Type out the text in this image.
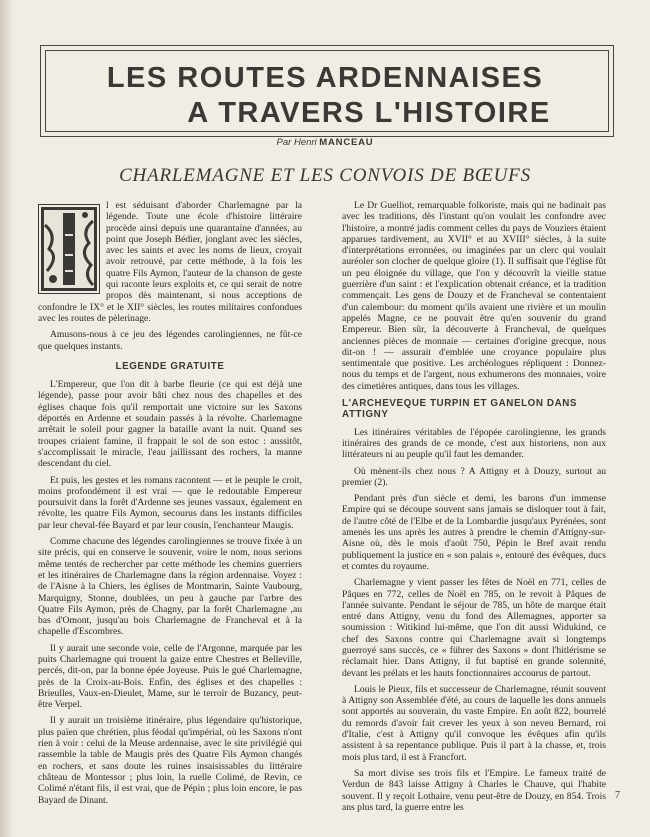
LES ROUTES ARDENNAISES
A TRAVERS L'HISTOIRE
Par Henri MANCEAU
CHARLEMAGNE ET LES CONVOIS DE BŒUFS

l est séduisant d'aborder Charlemagne par la légende. Toute une école d'histoire littéraire procède ainsi depuis une quarantaine d'années, au point que Joseph Bédier, jonglant avec les siècles, avec les saints et avec les noms de lieux, croyait avoir retrouvé, par cette méthode, à la fois les quatre Fils Aymon, l'auteur de la chanson de geste qui raconte leurs exploits et, ce qui serait de notre propos dès maintenant, si nous acceptions de confondre le IX° et le XII° siècles, les routes militaires confondues avec les routes de pèlerinage.

Amusons-nous à ce jeu des légendes carolingiennes, ne fût-ce que quelques instants.

LEGENDE GRATUITE

L'Empereur, que l'on dit à barbe fleurie (ce qui est déjà une légende), passe pour avoir bâti chez nous des chapelles et des églises chaque fois qu'il remportait une victoire sur les Saxons déportés en Ardenne et soudain passés à la révolte. Charlemagne arrêtait le soleil pour gagner la bataille avant la nuit. Quand ses troupes criaient famine, il frappait le sol de son estoc : aussitôt, s'accomplissait le miracle, l'eau jaillissant des rochers, la manne descendant du ciel.

Et puis, les gestes et les romans racontent — et le peuple le croit, moins profondément il est vrai — que le redoutable Empereur poursuivit dans la forêt d'Ardenne ses jeunes vassaux, également en révolte, les quatre Fils Aymon, secourus dans les instants difficiles par leur cheval-fée Bayard et par leur cousin, l'enchanteur Maugis.

Comme chacune des légendes carolingiennes se trouve fixée à un site précis, qui en conserve le souvenir, voire le nom, nous serions même tentés de rechercher par cette méthode les chemins guerriers et les itinéraires de Charlemagne dans la région ardennaise. Voyez : de l'Aisne à la Chiers, les églises de Montmarin, Sainte Vaubourg, Marquigny, Stonne, doublées, un peu à gauche par l'arbre des Quatre Fils Aymon, près de Chagny, par la forêt Charlemagne ,au bas d'Omont, jusqu'au bois Charlemagne de Francheval et à la chapelle d'Escombres.

Il y aurait une seconde voie, celle de l'Argonne, marquée par les puits Charlemagne qui trouent la gaize entre Chestres et Belleville, percés, dit-on, par la bonne épée Joyeuse. Puis le gué Charlemagne, près de la Croix-au-Bois. Enfin, des églises et des chapelles : Brieulles, Vaux-en-Dieulet, Mame, sur le terroir de Buzancy, peut-être Verpel.

Il y aurait un troisième itinéraire, plus légendaire qu'historique, plus païen que chrétien, plus féodal qu'impérial, où les Saxons n'ont rien à voir : celui de la Meuse ardennaise, avec le site privilégié qui rassemble la table de Maugis près des Quatre Fils Aymon changés en rochers, et sans doute les ruines insaisissables du littéraire château de Montessor ; plus loin, la ruelle Colimé, de Revin, ce Colimé n'étant fils, il est vrai, que de Pépin ; plus loin encore, le pas Bayard de Dinant.

Le Dr Guelliot, remarquable folkoriste, mais qui ne badinait pas avec les traditions, dès l'instant qu'on voulait les confondre avec l'histoire, a montré jadis comment celles du pays de Vouziers étaient apparues tardivement, au XVII° et au XVIII° siècles, à la suite d'interprétations erronnées, ou imaginées par un clerc qui voulait auréoler son clocher de quelque gloire (1). Il suffisait que l'église fût un peu éloignée du village, que l'on y découvrît la vieille statue guerrière d'un saint : et l'explication obtenait créance, et la tradition commençait. Les gens de Douzy et de Francheval se contentaient d'un calembour: du moment qu'ils avaient une rivière et un moulin appelés Magne, ce ne pouvait être qu'en souvenir du grand Empereur. Bien sûr, la découverte à Francheval, de quelques anciennes pièces de monnaie — certaines d'origine grecque, nous dit-on ! — assurait d'emblée une croyance populaire plus sentimentale que positive. Les archéologues répliquent : Donnez-nous du temps et de l'argent, nous exhumerons des monnaies, voire des cimetières antiques, dans tous les villages.

L'ARCHEVEQUE TURPIN ET GANELON DANS ATTIGNY

Les itinéraires véritables de l'épopée carolingienne, les grands itinéraires des grands de ce monde, c'est aux historiens, non aux littérateurs ni au peuple qu'il faut les demander.

Où mènent-ils chez nous ? A Attigny et à Douzy, surtout au premier (2).

Pendant près d'un siècle et demi, les barons d'un immense Empire qui se découpe souvent sans jamais se disloquer tout à fait, de l'autre côté de l'Elbe et de la Lombardie jusqu'aux Pyrénées, sont amenés les uns après les autres à prendre le chemin d'Attigny-sur-Aisne où, dès le mois d'août 750, Pépin le Bref avait rendu publiquement la justice en « son palais », entouré des évêques, ducs et comtes du royaume.

Charlemagne y vient passer les fêtes de Noël en 771, celles de Pâques en 772, celles de Noël en 785, on le revoit à Pâques de l'année suivante. Pendant le séjour de 785, un hôte de marque était entré dans Attigny, venu du fond des Allemagnes, apporter sa soumission : Witikind lui-même, que l'on dit aussi Widukind, ce chef des Saxons contre qui Charlemagne avait si longtemps guerroyé sans succès, ce « führer des Saxons » dont l'hitlérisme se réclamait hier. Dans Attigny, il fut baptisé en grande solennité, devant les prélats et les hauts fonctionnaires accourus de partout.

Louis le Pieux, fils et successeur de Charlemagne, réunit souvent à Attigny son Assemblée d'été, au cours de laquelle les dons annuels sont apportés au souverain, du vaste Empire. En août 822, bourrelé du remords d'avoir fait crever les yeux à son neveu Bernard, roi d'Italie, c'est à Attigny qu'il convoque les évêques afin qu'ils assistent à sa repentance publique. Puis il part à la chasse, et, trois mois plus tard, il est à Francfort.

Sa mort divise ses trois fils et l'Empire. Le fameux traité de Verdun de 843 laisse Attigny à Charles le Chauve, qui l'habite souvent. Il y reçoit Lothaire, venu peut-être de Douzy, en 854. Trois ans plus tard, la guerre entre les

7
